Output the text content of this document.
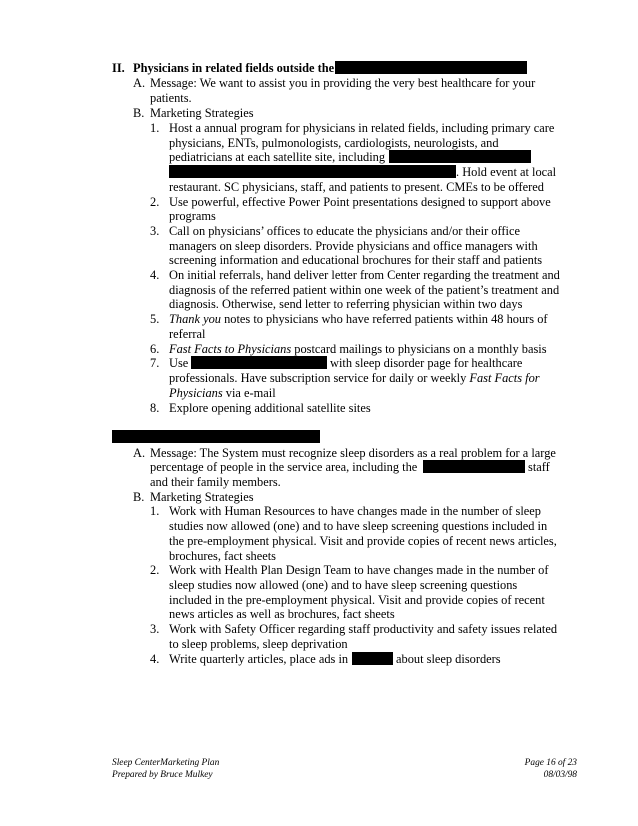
II. Physicians in related fields outside the
A. Message: We want to assist you in providing the very best healthcare for your
patients.
B. Marketing Strategies
1. Host a annual program for physicians in related fields, including primary care
physicians, ENTs, pulmonologists, cardiologists, neurologists, and
pediatricians at each satellite site, including
. Hold event at local
restaurant. SC physicians, staff, and patients to present. CMEs to be offered
2. Use powerful, effective Power Point presentations designed to support above
programs
3. Call on physicians’ offices to educate the physicians and/or their office
managers on sleep disorders. Provide physicians and office managers with
screening information and educational brochures for their staff and patients
4. On initial referrals, hand deliver letter from Center regarding the treatment and
diagnosis of the referred patient within one week of the patient’s treatment and
diagnosis. Otherwise, send letter to referring physician within two days
5. Thank you notes to physicians who have referred patients within 48 hours of
referral
6. Fast Facts to Physicians postcard mailings to physicians on a monthly basis
7. Use	with sleep disorder page for healthcare
professionals. Have subscription service for daily or weekly Fast Facts for
Physicians via e-mail
8. Explore opening additional satellite sites
A. Message: The System must recognize sleep disorders as a real problem for a large
percentage of people in the service area, including the	staff
and their family members.
B. Marketing Strategies
1. Work with Human Resources to have changes made in the number of sleep
studies now allowed (one) and to have sleep screening questions included in
the pre-employment physical. Visit and provide copies of recent news articles,
brochures, fact sheets
2. Work with Health Plan Design Team to have changes made in the number of
sleep studies now allowed (one) and to have sleep screening questions
included in the pre-employment physical. Visit and provide copies of recent
news articles as well as brochures, fact sheets
3. Work with Safety Officer regarding staff productivity and safety issues related
to sleep problems, sleep deprivation
4. Write quarterly articles, place ads in	about sleep disorders
Sleep CenterMarketing Plan
Prepared by Bruce Mulkey
Page 16 of 23
08/03/98
